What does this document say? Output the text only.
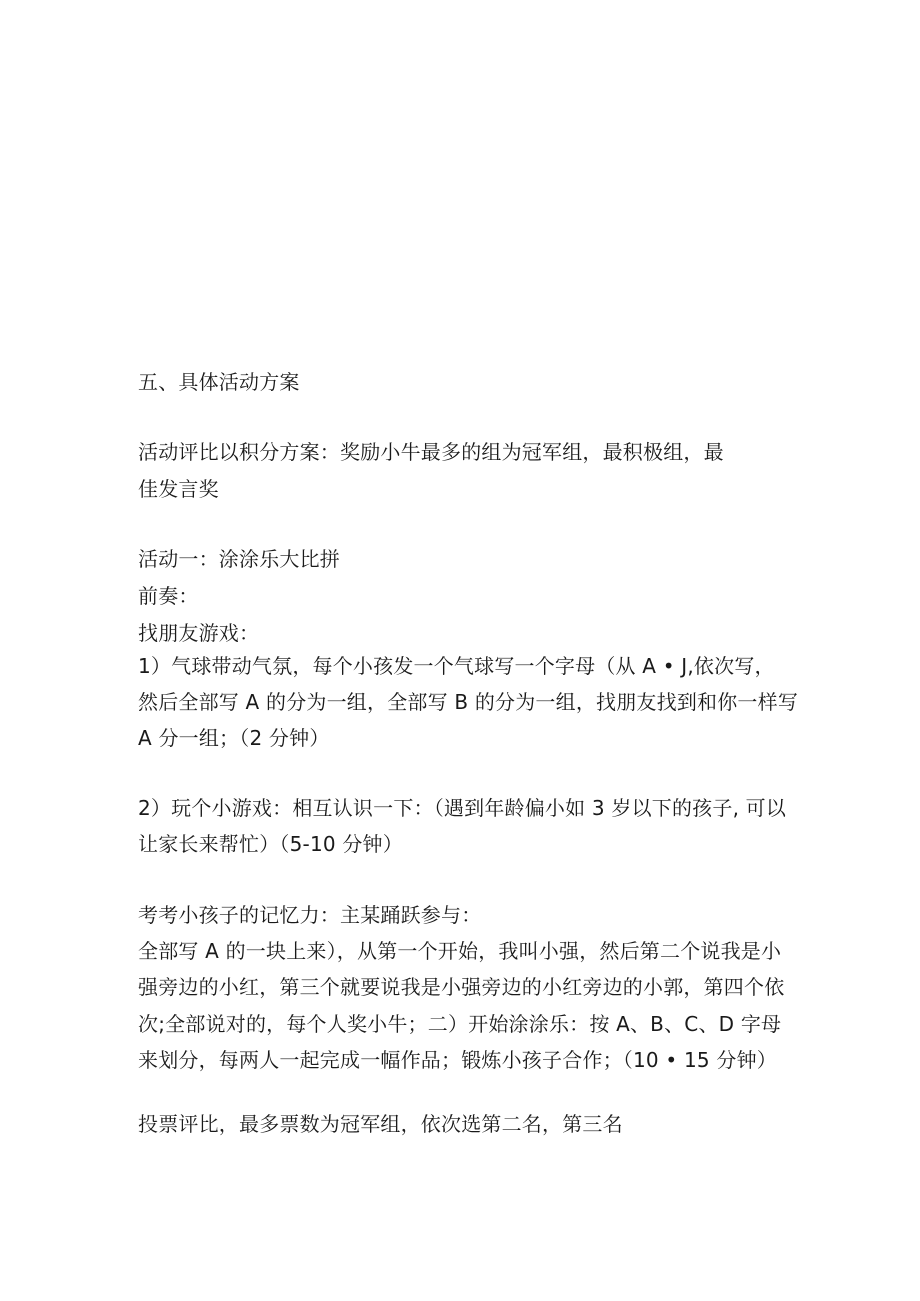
五、具体活动方案
活动评比以积分方案：奖励小牛最多的组为冠军组，最积极组，最
佳发言奖
活动一：涂涂乐大比拼
前奏：
找朋友游戏：
1）气球带动气氛，每个小孩发一个气球写一个字母（从 A • J,依次写，
然后全部写 A 的分为一组，全部写 B 的分为一组，找朋友找到和你一样写
A 分一组；（2 分钟）
2）玩个小游戏：相互认识一下：（遇到年龄偏小如 3 岁以下的孩子, 可以
让家长来帮忙）（5-10 分钟）
考考小孩子的记忆力：主某踊跃参与：
全部写 A 的一块上来），从第一个开始，我叫小强，然后第二个说我是小
强旁边的小红，第三个就要说我是小强旁边的小红旁边的小郭，第四个依
次;全部说对的，每个人奖小牛；二）开始涂涂乐：按 A、B、C、D 字母
来划分，每两人一起完成一幅作品；锻炼小孩子合作；（10 • 15 分钟）
投票评比，最多票数为冠军组，依次选第二名，第三名
